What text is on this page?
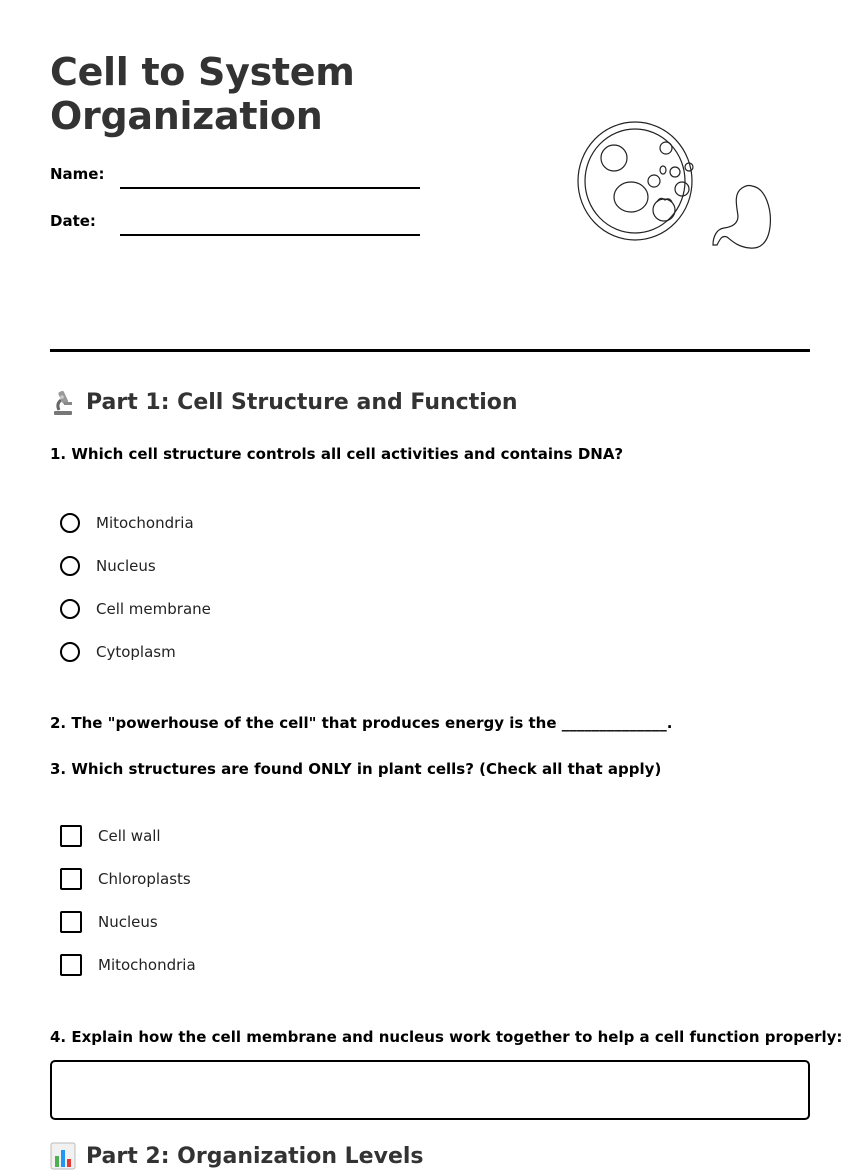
Cell to System Organization
Name:
Date:
Part 1: Cell Structure and Function

1. Which cell structure controls all cell activities and contains DNA?

Mitochondria
Nucleus
Cell membrane
Cytoplasm

2. The "powerhouse of the cell" that produces energy is the ______________.

3. Which structures are found ONLY in plant cells? (Check all that apply)

Cell wall
Chloroplasts
Nucleus
Mitochondria

4. Explain how the cell membrane and nucleus work together to help a cell function properly:

Part 2: Organization Levels
